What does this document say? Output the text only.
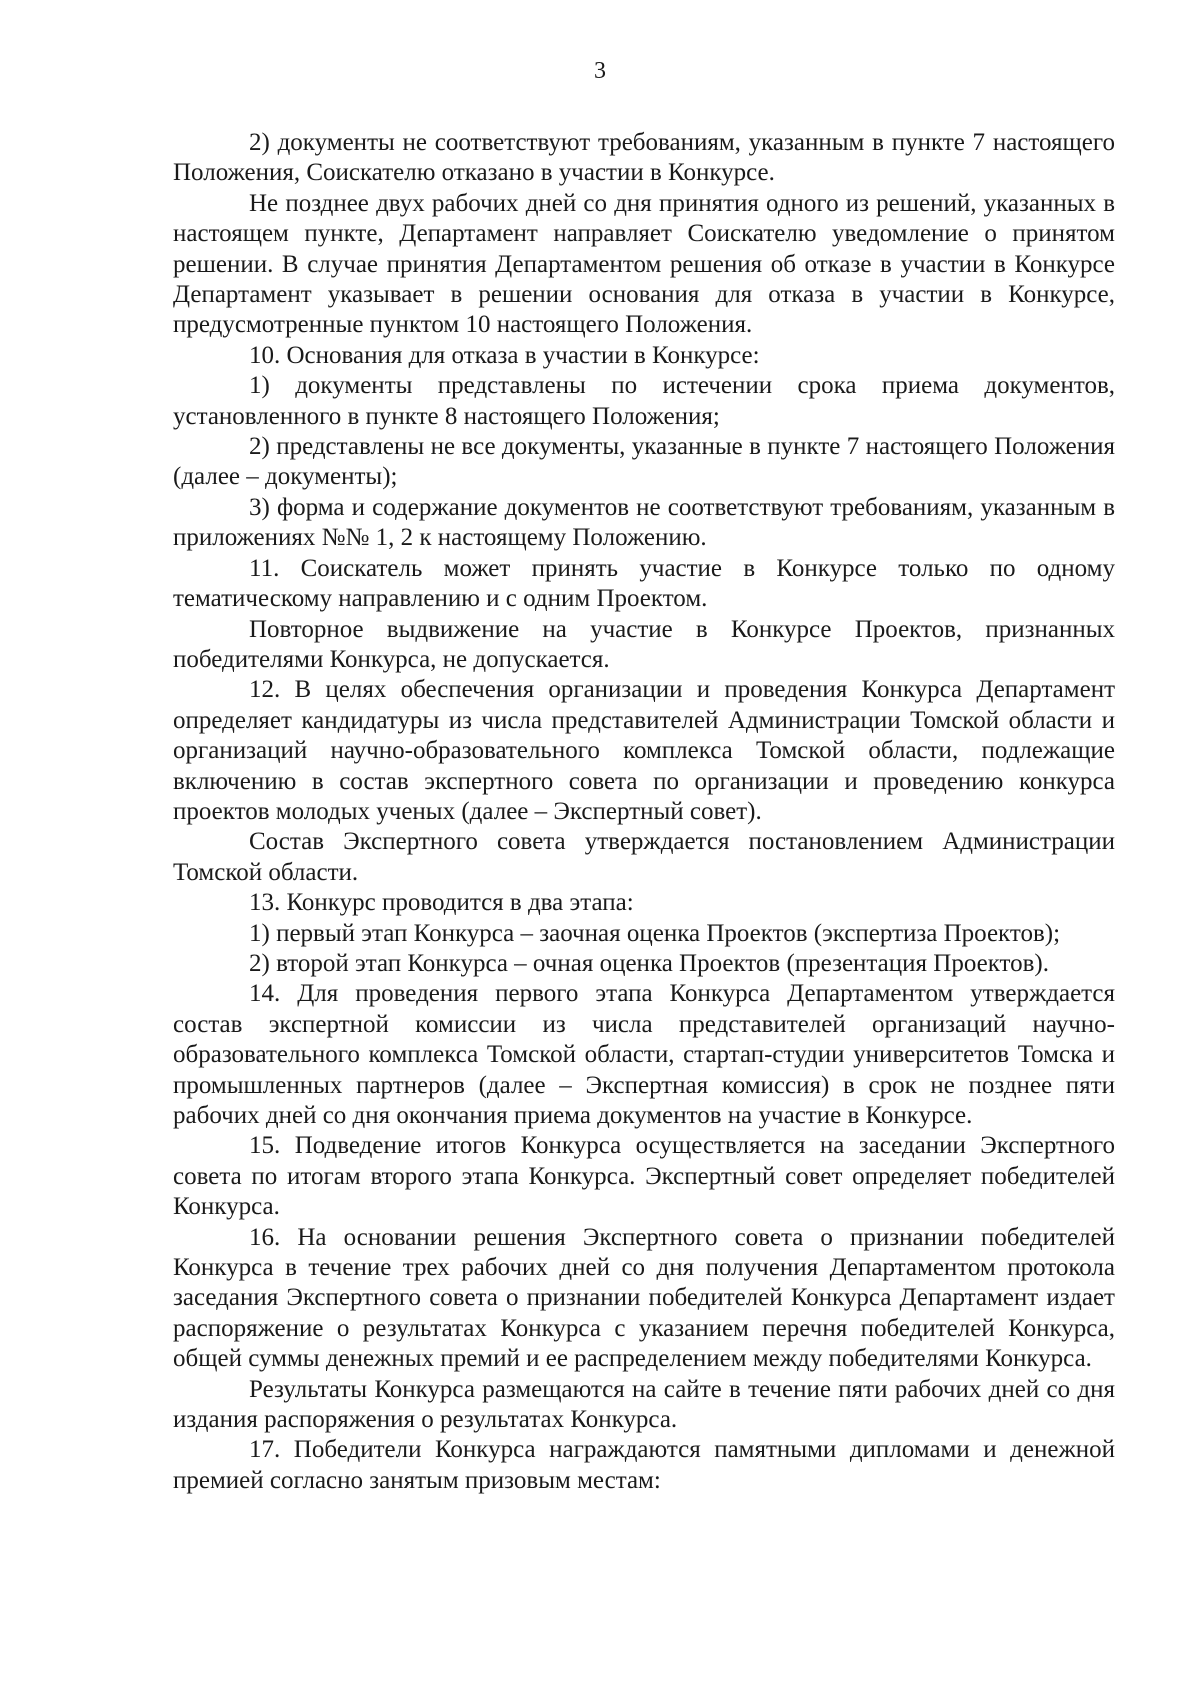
3

2) документы не соответствуют требованиям, указанным в пункте 7 настоящего Положения, Соискателю отказано в участии в Конкурсе.

Не позднее двух рабочих дней со дня принятия одного из решений, указанных в настоящем пункте, Департамент направляет Соискателю уведомление о принятом решении. В случае принятия Департаментом решения об отказе в участии в Конкурсе Департамент указывает в решении основания для отказа в участии в Конкурсе, предусмотренные пунктом 10 настоящего Положения.

10. Основания для отказа в участии в Конкурсе:

1) документы представлены по истечении срока приема документов, установленного в пункте 8 настоящего Положения;

2) представлены не все документы, указанные в пункте 7 настоящего Положения (далее – документы);

3) форма и содержание документов не соответствуют требованиям, указанным в приложениях №№ 1, 2 к настоящему Положению.

11. Соискатель может принять участие в Конкурсе только по одному тематическому направлению и с одним Проектом.

Повторное выдвижение на участие в Конкурсе Проектов, признанных победителями Конкурса, не допускается.

12. В целях обеспечения организации и проведения Конкурса Департамент определяет кандидатуры из числа представителей Администрации Томской области и организаций научно-образовательного комплекса Томской области, подлежащие включению в состав экспертного совета по организации и проведению конкурса проектов молодых ученых (далее – Экспертный совет).

Состав Экспертного совета утверждается постановлением Администрации Томской области.

13. Конкурс проводится в два этапа:

1) первый этап Конкурса – заочная оценка Проектов (экспертиза Проектов);

2) второй этап Конкурса – очная оценка Проектов (презентация Проектов).

14. Для проведения первого этапа Конкурса Департаментом утверждается состав экспертной комиссии из числа представителей организаций научно-образовательного комплекса Томской области, стартап-студии университетов Томска и промышленных партнеров (далее – Экспертная комиссия) в срок не позднее пяти рабочих дней со дня окончания приема документов на участие в Конкурсе.

15. Подведение итогов Конкурса осуществляется на заседании Экспертного совета по итогам второго этапа Конкурса. Экспертный совет определяет победителей Конкурса.

16. На основании решения Экспертного совета о признании победителей Конкурса в течение трех рабочих дней со дня получения Департаментом протокола заседания Экспертного совета о признании победителей Конкурса Департамент издает распоряжение о результатах Конкурса с указанием перечня победителей Конкурса, общей суммы денежных премий и ее распределением между победителями Конкурса.

Результаты Конкурса размещаются на сайте в течение пяти рабочих дней со дня издания распоряжения о результатах Конкурса.

17. Победители Конкурса награждаются памятными дипломами и денежной премией согласно занятым призовым местам:
